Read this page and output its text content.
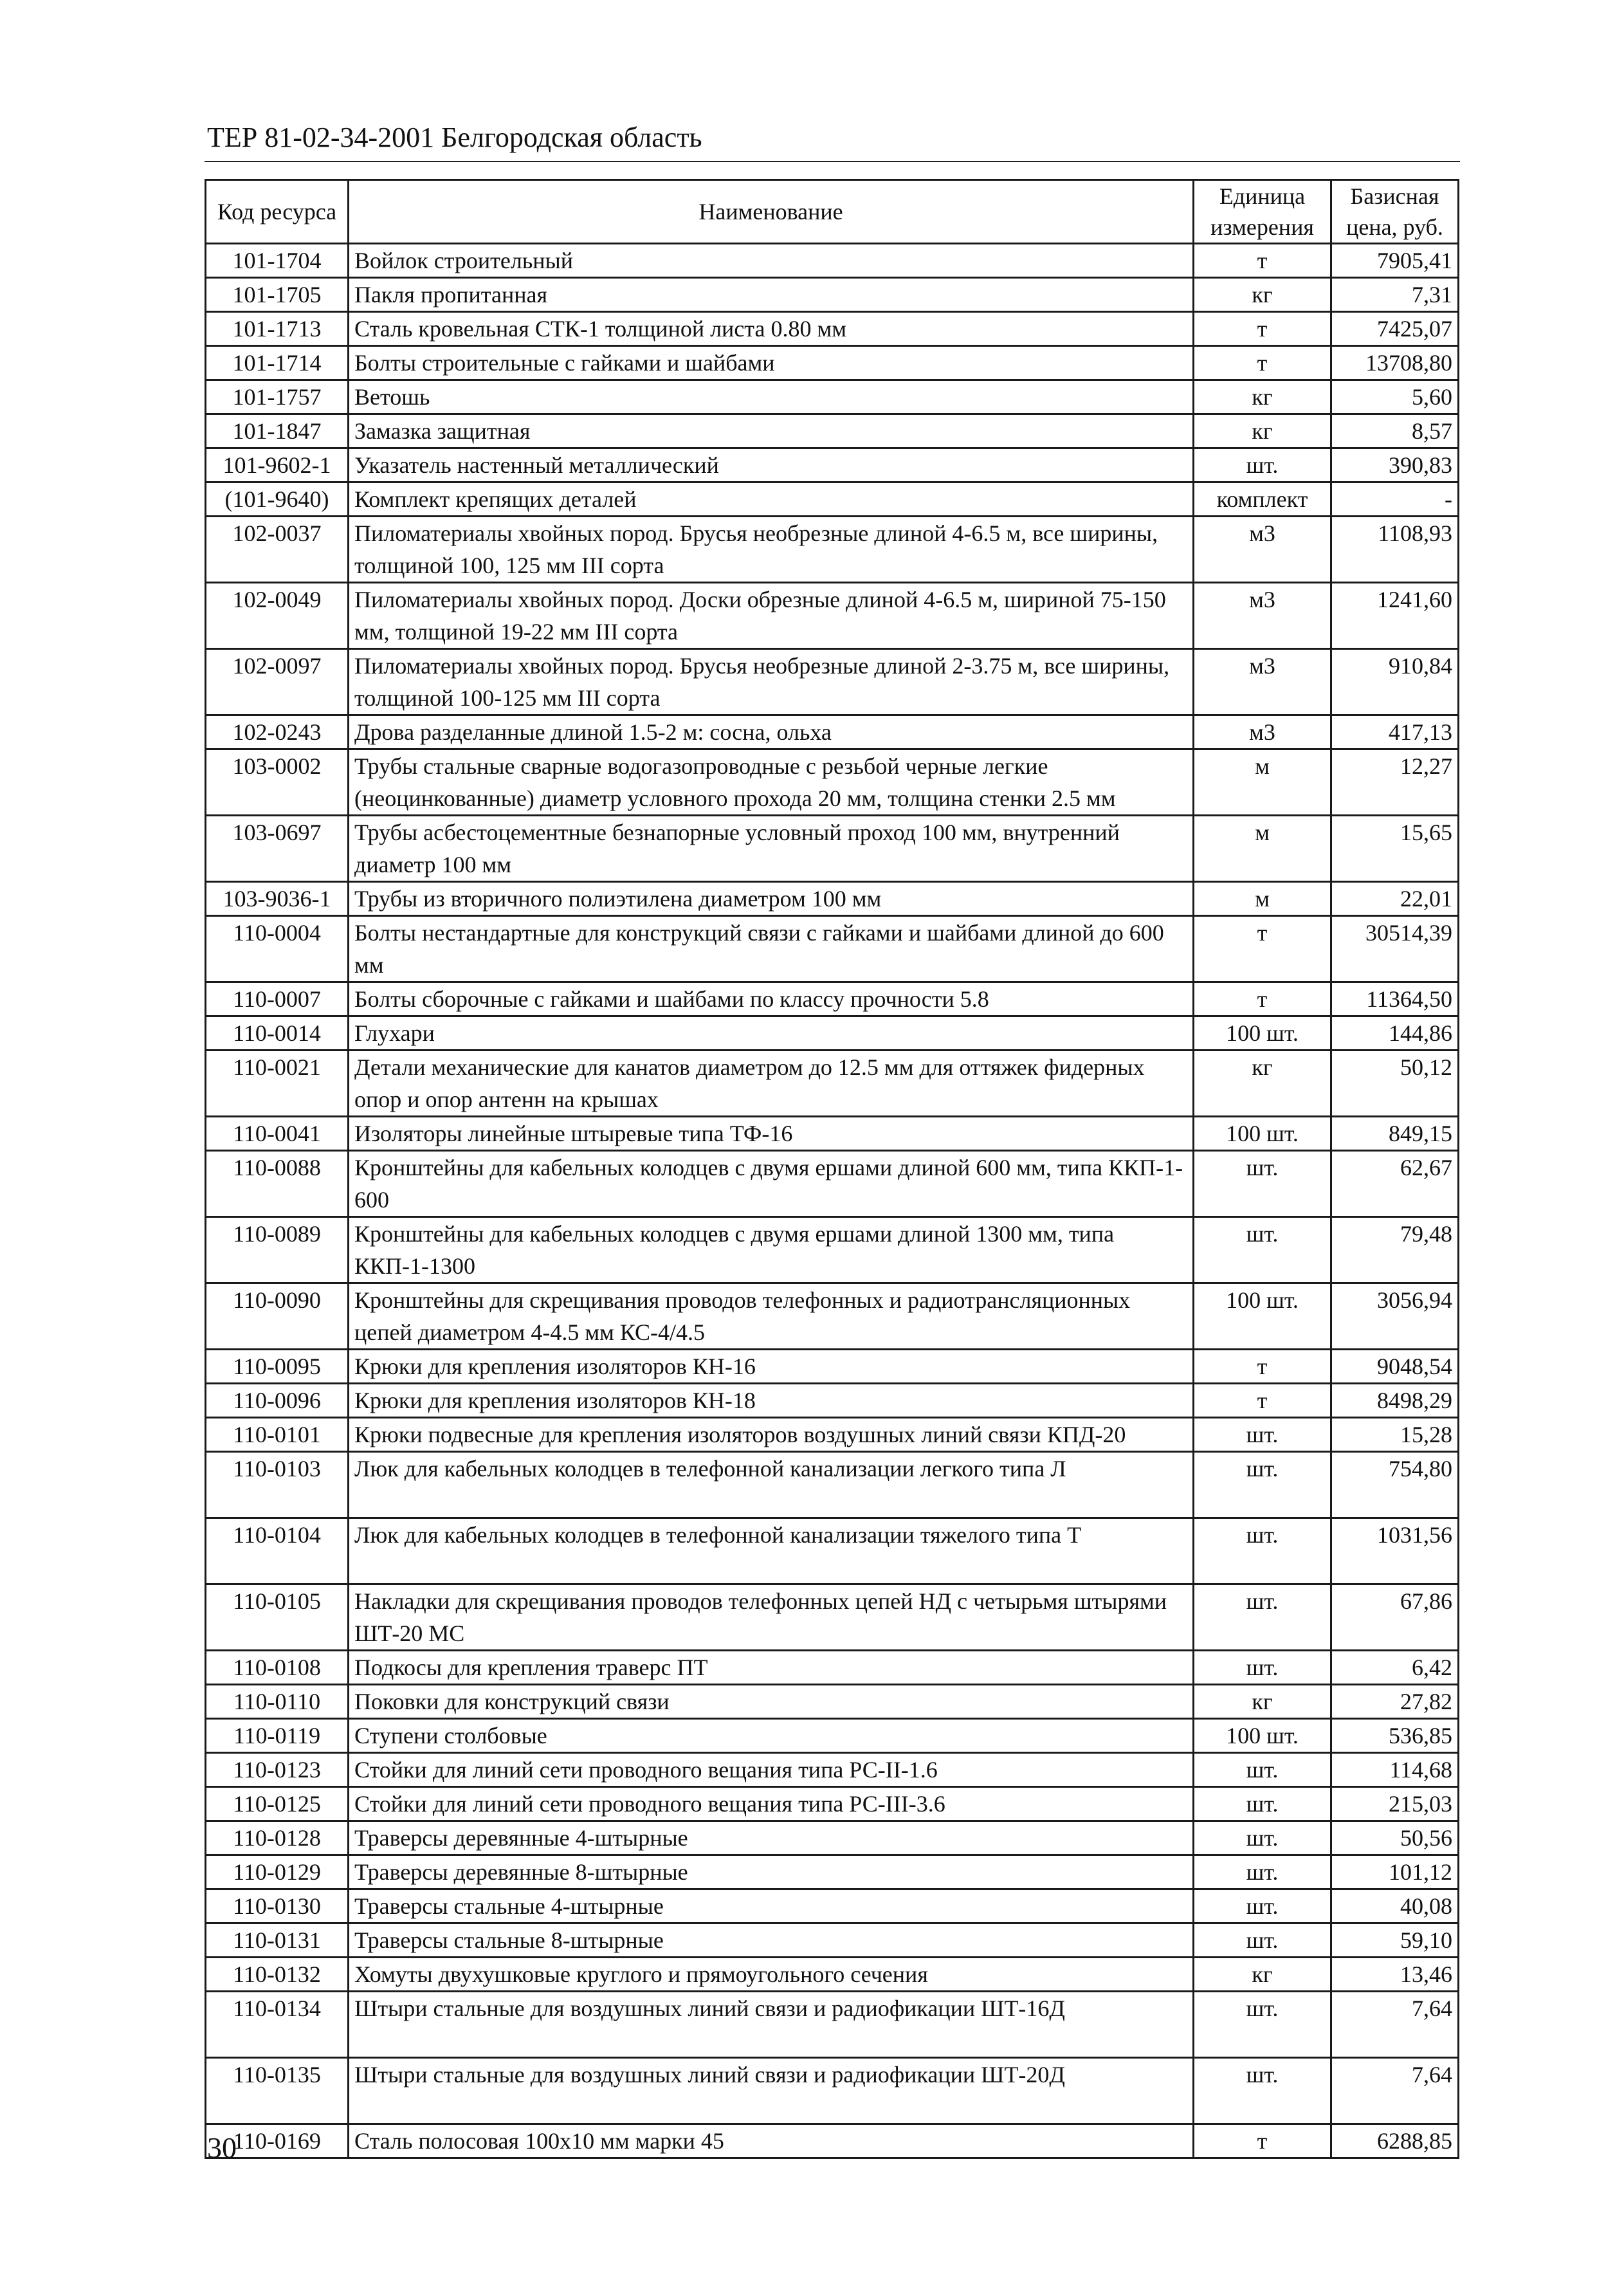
ТЕР 81-02-34-2001 Белгородская область
Код ресурса	Наименование	Единица измерения	Базисная цена, руб.
101-1704	Войлок строительный	т	7905,41
101-1705	Пакля пропитанная	кг	7,31
101-1713	Сталь кровельная СТК-1 толщиной листа 0.80 мм	т	7425,07
101-1714	Болты строительные с гайками и шайбами	т	13708,80
101-1757	Ветошь	кг	5,60
101-1847	Замазка защитная	кг	8,57
101-9602-1	Указатель настенный металлический	шт.	390,83
(101-9640)	Комплект крепящих деталей	комплект	-
102-0037	Пиломатериалы хвойных пород. Брусья необрезные длиной 4-6.5 м, все ширины, толщиной 100, 125 мм III сорта	м3	1108,93
102-0049	Пиломатериалы хвойных пород. Доски обрезные длиной 4-6.5 м, шириной 75-150 мм, толщиной 19-22 мм III сорта	м3	1241,60
102-0097	Пиломатериалы хвойных пород. Брусья необрезные длиной 2-3.75 м, все ширины, толщиной 100-125 мм III сорта	м3	910,84
102-0243	Дрова разделанные длиной 1.5-2 м: сосна, ольха	м3	417,13
103-0002	Трубы стальные сварные водогазопроводные с резьбой черные легкие (неоцинкованные) диаметр условного прохода 20 мм, толщина стенки 2.5 мм	м	12,27
103-0697	Трубы асбестоцементные безнапорные условный проход 100 мм, внутренний диаметр 100 мм	м	15,65
103-9036-1	Трубы из вторичного полиэтилена диаметром 100 мм	м	22,01
110-0004	Болты нестандартные для конструкций связи с гайками и шайбами длиной до 600 мм	т	30514,39
110-0007	Болты сборочные с гайками и шайбами по классу прочности 5.8	т	11364,50
110-0014	Глухари	100 шт.	144,86
110-0021	Детали механические для канатов диаметром до 12.5 мм для оттяжек фидерных опор и опор антенн на крышах	кг	50,12
110-0041	Изоляторы линейные штыревые типа ТФ-16	100 шт.	849,15
110-0088	Кронштейны для кабельных колодцев с двумя ершами длиной 600 мм, типа ККП-1-600	шт.	62,67
110-0089	Кронштейны для кабельных колодцев с двумя ершами длиной 1300 мм, типа ККП-1-1300	шт.	79,48
110-0090	Кронштейны для скрещивания проводов телефонных и радиотрансляционных цепей диаметром 4-4.5 мм КС-4/4.5	100 шт.	3056,94
110-0095	Крюки для крепления изоляторов КН-16	т	9048,54
110-0096	Крюки для крепления изоляторов КН-18	т	8498,29
110-0101	Крюки подвесные для крепления изоляторов воздушных линий связи КПД-20	шт.	15,28
110-0103	Люк для кабельных колодцев в телефонной канализации легкого типа Л	шт.	754,80
110-0104	Люк для кабельных колодцев в телефонной канализации тяжелого типа Т	шт.	1031,56
110-0105	Накладки для скрещивания проводов телефонных цепей НД с четырьмя штырями ШТ-20 МС	шт.	67,86
110-0108	Подкосы для крепления траверс ПТ	шт.	6,42
110-0110	Поковки для конструкций связи	кг	27,82
110-0119	Ступени столбовые	100 шт.	536,85
110-0123	Стойки для линий сети проводного вещания типа РС-II-1.6	шт.	114,68
110-0125	Стойки для линий сети проводного вещания типа РС-III-3.6	шт.	215,03
110-0128	Траверсы деревянные 4-штырные	шт.	50,56
110-0129	Траверсы деревянные 8-штырные	шт.	101,12
110-0130	Траверсы стальные 4-штырные	шт.	40,08
110-0131	Траверсы стальные 8-штырные	шт.	59,10
110-0132	Хомуты двухушковые круглого и прямоугольного сечения	кг	13,46
110-0134	Штыри стальные для воздушных линий связи и радиофикации ШТ-16Д	шт.	7,64
110-0135	Штыри стальные для воздушных линий связи и радиофикации ШТ-20Д	шт.	7,64
110-0169	Сталь полосовая 100х10 мм марки 45	т	6288,85
30
